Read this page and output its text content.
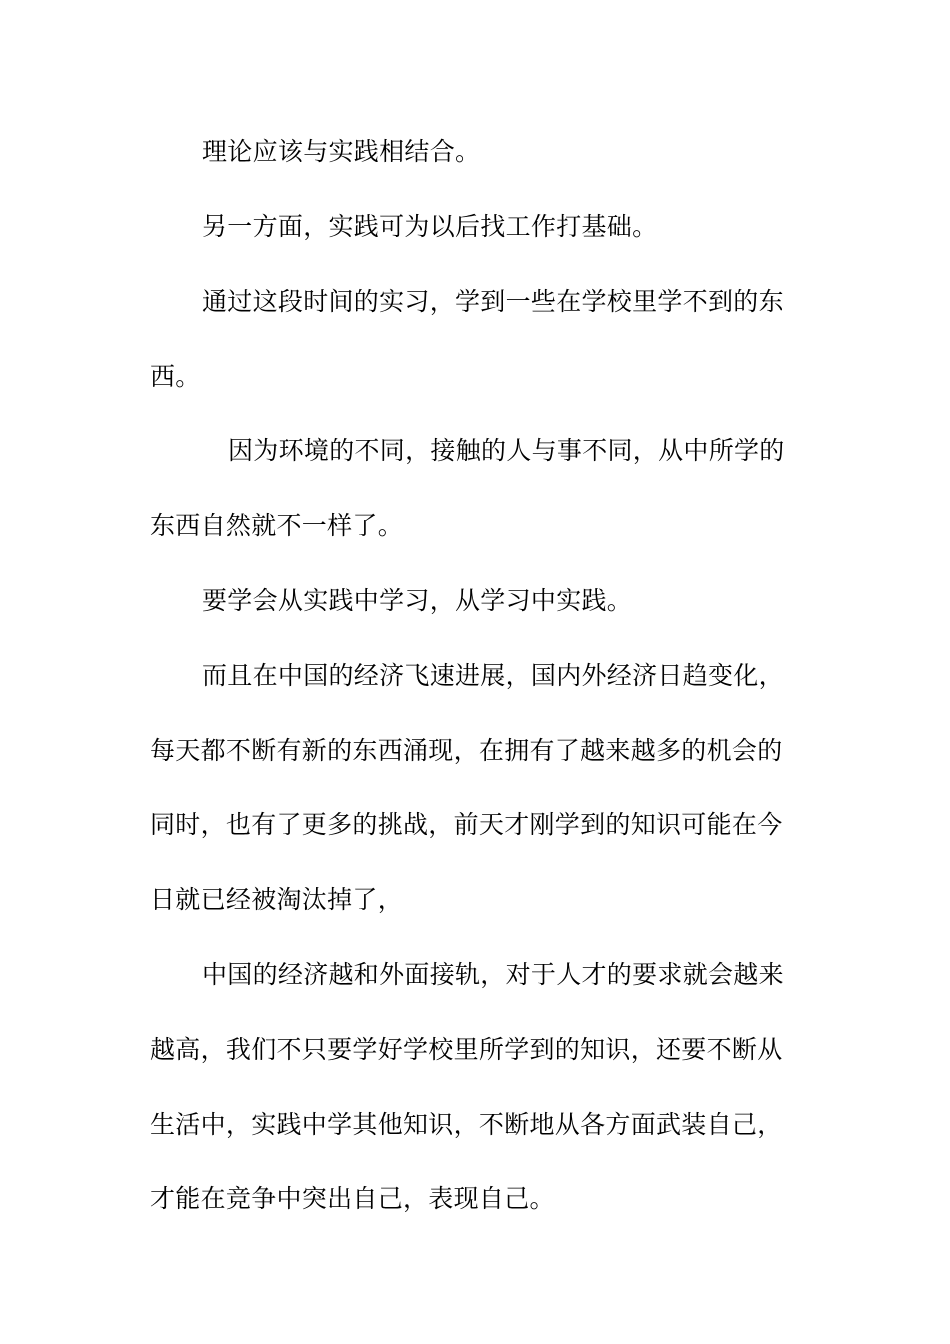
理论应该与实践相结合。
另一方面，实践可为以后找工作打基础。
通过这段时间的实习，学到一些在学校里学不到的东
西。
因为环境的不同，接触的人与事不同，从中所学的
东西自然就不一样了。
要学会从实践中学习，从学习中实践。
而且在中国的经济飞速进展，国内外经济日趋变化，
每天都不断有新的东西涌现，在拥有了越来越多的机会的
同时，也有了更多的挑战，前天才刚学到的知识可能在今
日就已经被淘汰掉了，
中国的经济越和外面接轨，对于人才的要求就会越来
越高，我们不只要学好学校里所学到的知识，还要不断从
生活中，实践中学其他知识，不断地从各方面武装自己，
才能在竞争中突出自己，表现自己。
